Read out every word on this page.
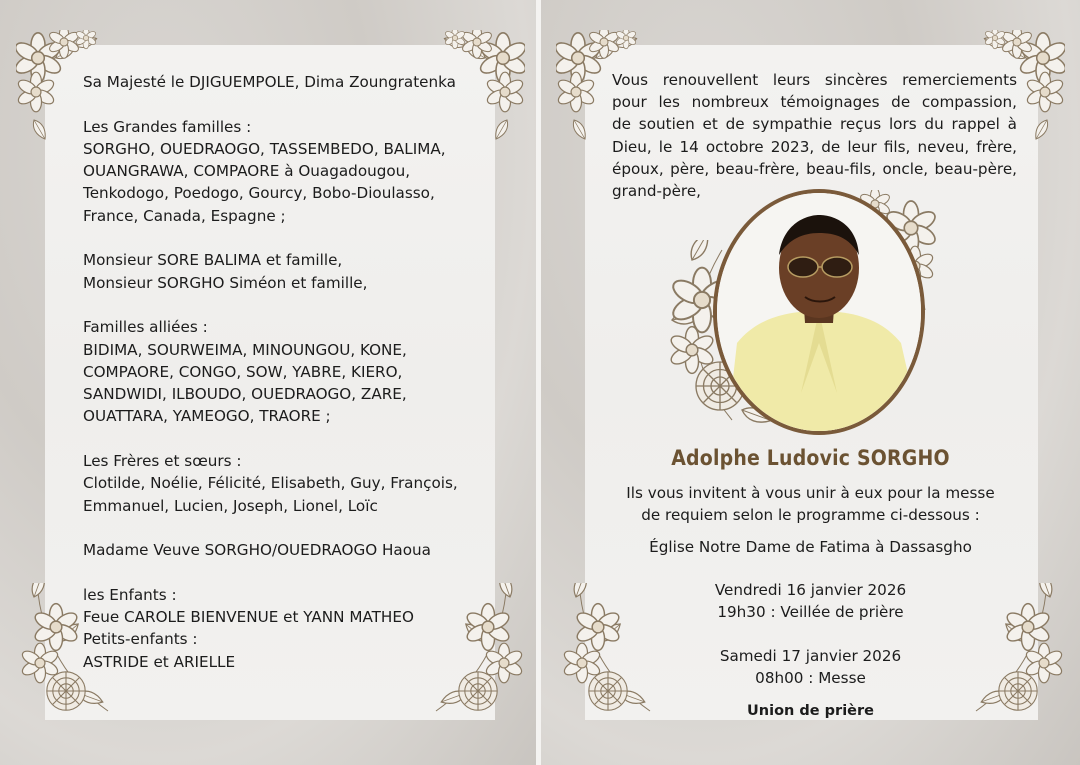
Sa Majesté le DJIGUEMPOLE, Dima Zoungratenka

Les Grandes familles :
SORGHO, OUEDRAOGO, TASSEMBEDO, BALIMA,
OUANGRAWA, COMPAORE à Ouagadougou,
Tenkodogo, Poedogo, Gourcy, Bobo-Dioulasso,
France, Canada, Espagne ;

Monsieur SORE BALIMA et famille,
Monsieur SORGHO Siméon et famille,

Familles alliées :
BIDIMA, SOURWEIMA, MINOUNGOU, KONE,
COMPAORE, CONGO, SOW, YABRE, KIERO,
SANDWIDI, ILBOUDO, OUEDRAOGO, ZARE,
OUATTARA, YAMEOGO, TRAORE ;

Les Frères et sœurs :
Clotilde, Noélie, Félicité, Elisabeth, Guy, François,
Emmanuel, Lucien, Joseph, Lionel, Loïc

Madame Veuve SORGHO/OUEDRAOGO Haoua

les Enfants :
Feue CAROLE BIENVENUE et YANN MATHEO
Petits-enfants :
ASTRIDE et ARIELLE

Vous renouvellent leurs sincères remerciements
pour les nombreux témoignages de compassion,
de soutien et de sympathie reçus lors du rappel à
Dieu, le 14 octobre 2023, de leur fils, neveu, frère,
époux, père, beau-frère, beau-fils, oncle, beau-père,
grand-père,
Adolphe Ludovic SORGHO
Ils vous invitent à vous unir à eux pour la messe
de requiem selon le programme ci-dessous :
Église Notre Dame de Fatima à Dassasgho
Vendredi 16 janvier 2026
19h30 : Veillée de prière
Samedi 17 janvier 2026
08h00 : Messe
Union de prière
